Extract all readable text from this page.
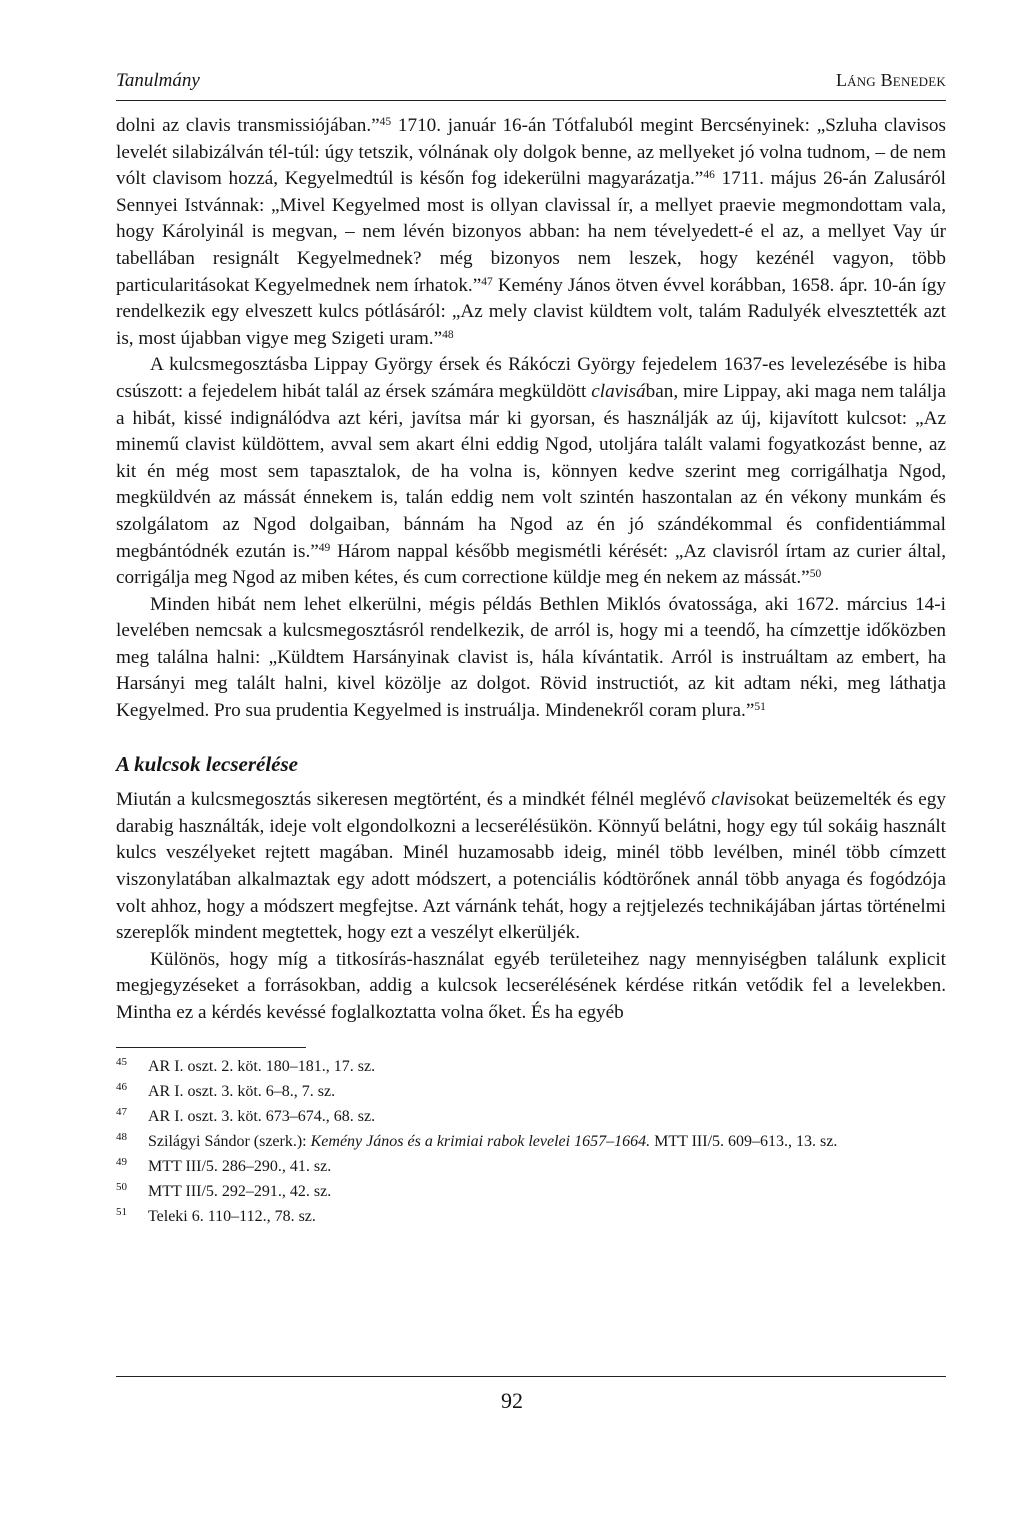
Tanulmány	Láng Benedek

dolni az clavis transmissiójában.”$^{45}$ 1710. január 16-án Tótfaluból megint Bercsényinek: „Szluha clavisos levelét silabizálván tél-túl: úgy tetszik, vólnának oly dolgok benne, az mellyeket jó volna tudnom, – de nem vólt clavisom hozzá, Kegyelmedtúl is későn fog idekerülni magyarázatja.”$^{46}$ 1711. május 26-án Zalusáról Sennyei Istvánnak: „Mivel Kegyelmed most is ollyan clavissal ír, a mellyet praevie megmondottam vala, hogy Károlyinál is megvan, – nem lévén bizonyos abban: ha nem tévelyedett-é el az, a mellyet Vay úr tabellában resignált Kegyelmednek? még bizonyos nem leszek, hogy kezénél vagyon, több particularitásokat Kegyelmednek nem írhatok.”$^{47}$ Kemény János ötven évvel korábban, 1658. ápr. 10-án így rendelkezik egy elveszett kulcs pótlásáról: „Az mely clavist küldtem volt, talám Radulyék elvesztették azt is, most újabban vigye meg Szigeti uram.”$^{48}$

A kulcsmegosztásba Lippay György érsek és Rákóczi György fejedelem 1637-es levelezésébe is hiba csúszott: a fejedelem hibát talál az érsek számára megküldött clavisában, mire Lippay, aki maga nem találja a hibát, kissé indignálódva azt kéri, javítsa már ki gyorsan, és használják az új, kijavított kulcsot: „Az minemű clavist küldöttem, avval sem akart élni eddig Ngod, utoljára talált valami fogyatkozást benne, az kit én még most sem tapasztalok, de ha volna is, könnyen kedve szerint meg corrigálhatja Ngod, megküldvén az mássát énnekem is, talán eddig nem volt szintén haszontalan az én vékony munkám és szolgálatom az Ngod dolgaiban, bánnám ha Ngod az én jó szándékommal és confidentiámmal megbántódnék ezután is.”$^{49}$ Három nappal később megismétli kérését: „Az clavisról írtam az curier által, corrigálja meg Ngod az miben kétes, és cum correctione küldje meg én nekem az mássát.”$^{50}$

Minden hibát nem lehet elkerülni, mégis példás Bethlen Miklós óvatossága, aki 1672. március 14-i levelében nemcsak a kulcsmegosztásról rendelkezik, de arról is, hogy mi a teendő, ha címzettje időközben meg találna halni: „Küldtem Harsányinak clavist is, hála kívántatik. Arról is instruáltam az embert, ha Harsányi meg talált halni, kivel közölje az dolgot. Rövid instructiót, az kit adtam néki, meg láthatja Kegyelmed. Pro sua prudentia Kegyelmed is instruálja. Mindenekről coram plura.”$^{51}$

A kulcsok lecserélése

Miután a kulcsmegosztás sikeresen megtörtént, és a mindkét félnél meglévő clavisokat beüzemelték és egy darabig használták, ideje volt elgondolkozni a lecserélésükön. Könnyű belátni, hogy egy túl sokáig használt kulcs veszélyeket rejtett magában. Minél huzamosabb ideig, minél több levélben, minél több címzett viszonylatában alkalmaztak egy adott módszert, a potenciális kódtörőnek annál több anyaga és fogódzója volt ahhoz, hogy a módszert megfejtse. Azt várnánk tehát, hogy a rejtjelezés technikájában jártas történelmi szereplők mindent megtettek, hogy ezt a veszélyt elkerüljék.

Különös, hogy míg a titkosírás-használat egyéb területeihez nagy mennyiségben találunk explicit megjegyzéseket a forrásokban, addig a kulcsok lecserélésének kérdése ritkán vetődik fel a levelekben. Mintha ez a kérdés kevéssé foglalkoztatta volna őket. És ha egyéb

45	AR I. oszt. 2. köt. 180–181., 17. sz.
46	AR I. oszt. 3. köt. 6–8., 7. sz.
47	AR I. oszt. 3. köt. 673–674., 68. sz.
48	Szilágyi Sándor (szerk.): Kemény János és a krimiai rabok levelei 1657–1664. MTT III/5. 609–613., 13. sz.
49	MTT III/5. 286–290., 41. sz.
50	MTT III/5. 292–291., 42. sz.
51	Teleki 6. 110–112., 78. sz.
92
